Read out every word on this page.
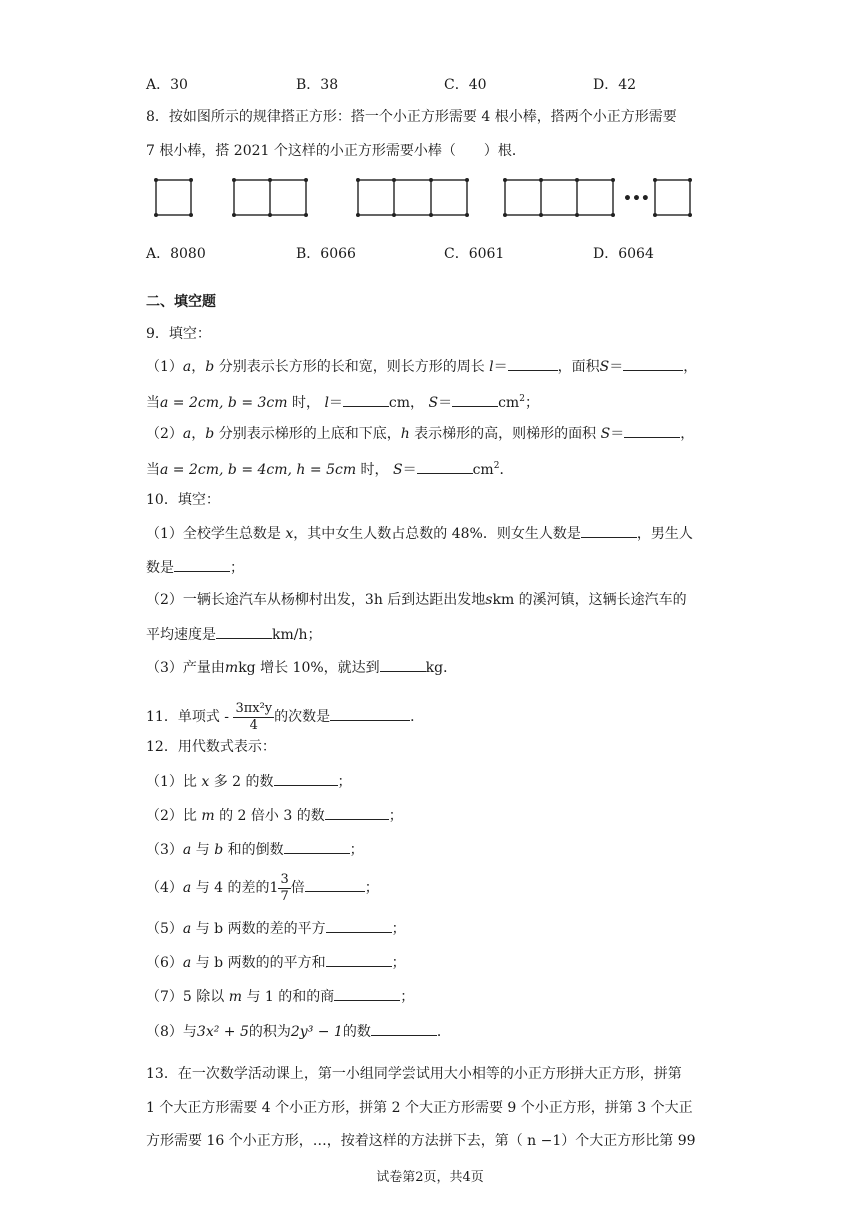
A．30	B．38	C．40	D．42
8．按如图所示的规律搭正方形：搭一个小正方形需要 4 根小棒，搭两个小正方形需要
7 根小棒，搭 2021 个这样的小正方形需要小棒（　　）根．
•••
A．8080	B．6066	C．6061	D．6064
二、填空题
9．填空：
（1）a，b 分别表示长方形的长和宽，则长方形的周长 l＝	，面积S＝	，
当a = 2cm, b = 3cm 时， l＝	cm， S＝	$cm^2$；
（2）a，b 分别表示梯形的上底和下底，h 表示梯形的高，则梯形的面积 S＝	，
当a = 2cm, b = 4cm, h = 5cm 时， S＝	$cm^2$．
10．填空：
（1）全校学生总数是 x，其中女生人数占总数的 48%．则女生人数是	，男生人
数是	；
（2）一辆长途汽车从杨柳村出发，3h 后到达距出发地skm 的溪河镇，这辆长途汽车的
平均速度是	km/h；
（3）产量由mkg 增长 10%，就达到	kg．
11．单项式 - $\frac{\text{3πx²y}}{4}$ 的次数是	．
12．用代数式表示：
（1）比 x 多 2 的数	；
（2）比 m 的 2 倍小 3 的数	；
（3）a 与 b 和的倒数	；
（4）a 与 4 的差的$1 \frac{3}{7}$ 倍	；
（5）a 与 b 两数的差的平方	；
（6）a 与 b 两数的的平方和	；
（7）5 除以 m 与 1 的和的商	；
（8）与3x² + 5的积为2y³ − 1的数	．
13．在一次数学活动课上，第一小组同学尝试用大小相等的小正方形拼大正方形，拼第
1 个大正方形需要 4 个小正方形，拼第 2 个大正方形需要 9 个小正方形，拼第 3 个大正
方形需要 16 个小正方形，…，按着这样的方法拼下去，第（ n −1）个大正方形比第 99
试卷第2页，共4页
